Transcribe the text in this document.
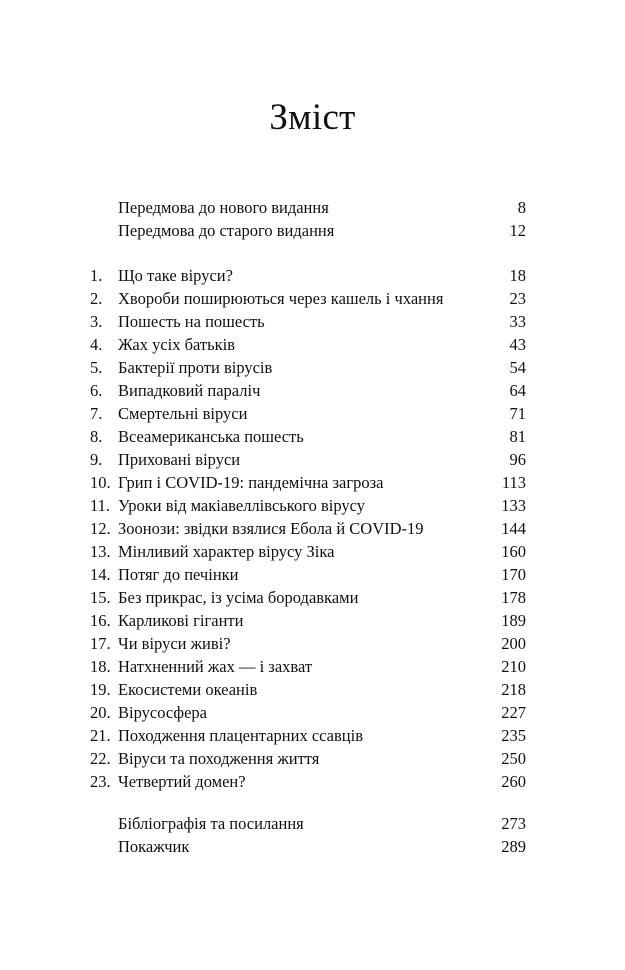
Зміст
Передмова до нового видання	8
Передмова до старого видання	12
1. Що таке віруси?	18
2. Хвороби поширюються через кашель і чхання	23
3. Пошесть на пошесть	33
4. Жах усіх батьків	43
5. Бактерії проти вірусів	54
6. Випадковий параліч	64
7. Смертельні віруси	71
8. Всеамериканська пошесть	81
9. Приховані віруси	96
10. Грип і COVID-19: пандемічна загроза	113
11. Уроки від макіавеллівського вірусу	133
12. Зоонози: звідки взялися Ебола й COVID-19	144
13. Мінливий характер вірусу Зіка	160
14. Потяг до печінки	170
15. Без прикрас, із усіма бородавками	178
16. Карликові гіганти	189
17. Чи віруси живі?	200
18. Натхненний жах — і захват	210
19. Екосистеми океанів	218
20. Вірусосфера	227
21. Походження плацентарних ссавців	235
22. Віруси та походження життя	250
23. Четвертий домен?	260
Бібліографія та посилання	273
Покажчик	289
